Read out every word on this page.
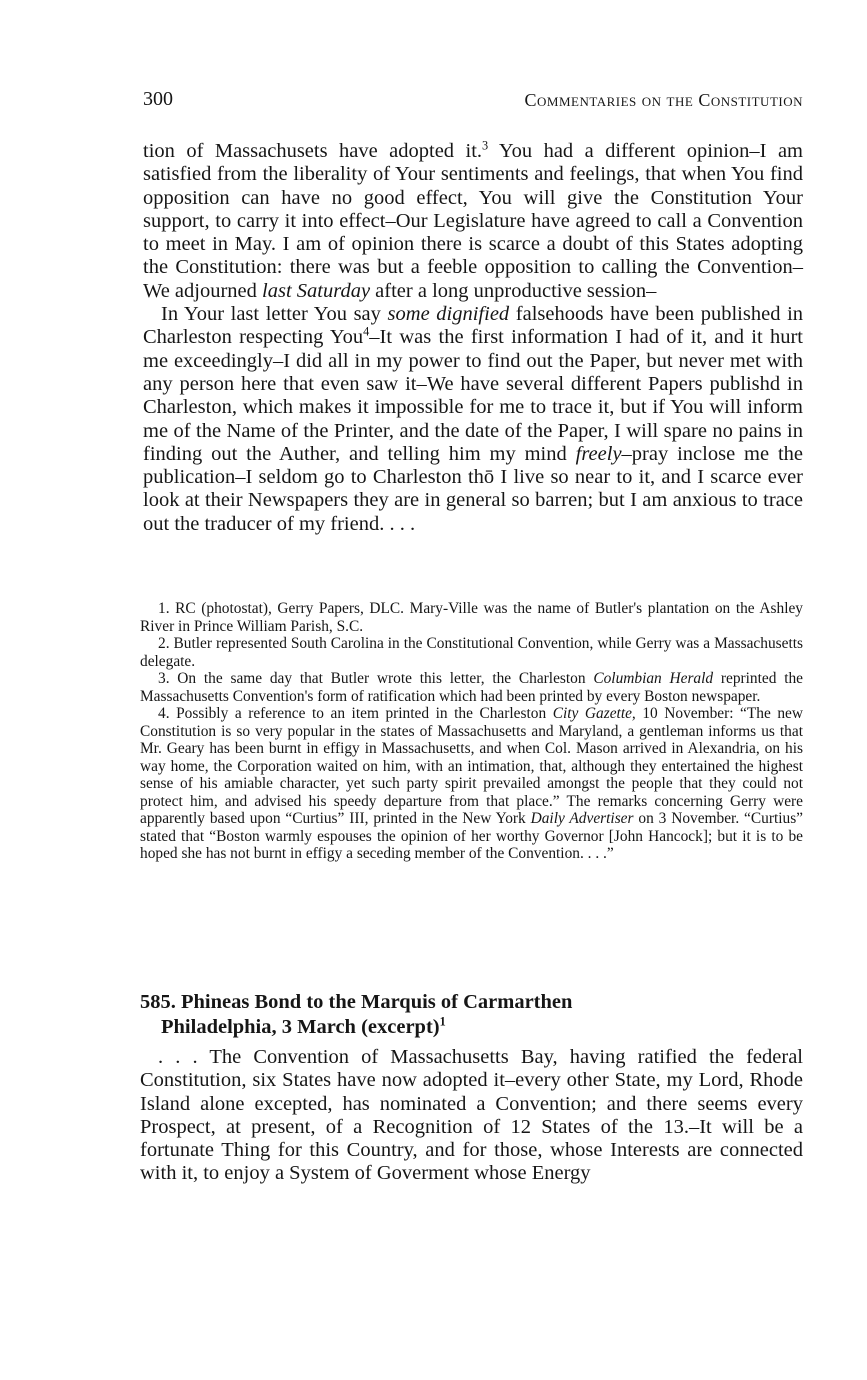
300	Commentaries on the Constitution

tion of Massachusets have adopted it.$^3$ You had a different opinion–I am satisfied from the liberality of Your sentiments and feelings, that when You find opposition can have no good effect, You will give the Constitution Your support, to carry it into effect–Our Legislature have agreed to call a Convention to meet in May. I am of opinion there is scarce a doubt of this States adopting the Constitution: there was but a feeble opposition to calling the Convention–We adjourned last Saturday after a long unproductive session–

In Your last letter You say some dignified falsehoods have been published in Charleston respecting You$^4$–It was the first information I had of it, and it hurt me exceedingly–I did all in my power to find out the Paper, but never met with any person here that even saw it–We have several different Papers publishd in Charleston, which makes it impossible for me to trace it, but if You will inform me of the Name of the Printer, and the date of the Paper, I will spare no pains in finding out the Auther, and telling him my mind freely–pray inclose me the publication–I seldom go to Charleston thō I live so near to it, and I scarce ever look at their Newspapers they are in general so barren; but I am anxious to trace out the traducer of my friend. . . .

1. RC (photostat), Gerry Papers, DLC. Mary-Ville was the name of Butler's plantation on the Ashley River in Prince William Parish, S.C.

2. Butler represented South Carolina in the Constitutional Convention, while Gerry was a Massachusetts delegate.

3. On the same day that Butler wrote this letter, the Charleston Columbian Herald reprinted the Massachusetts Convention's form of ratification which had been printed by every Boston newspaper.

4. Possibly a reference to an item printed in the Charleston City Gazette, 10 November: “The new Constitution is so very popular in the states of Massachusetts and Maryland, a gentleman informs us that Mr. Geary has been burnt in effigy in Massachusetts, and when Col. Mason arrived in Alexandria, on his way home, the Corporation waited on him, with an intimation, that, although they entertained the highest sense of his amiable character, yet such party spirit prevailed amongst the people that they could not protect him, and advised his speedy departure from that place.” The remarks concerning Gerry were apparently based upon “Curtius” III, printed in the New York Daily Advertiser on 3 November. “Curtius” stated that “Boston warmly espouses the opinion of her worthy Governor [John Hancock]; but it is to be hoped she has not burnt in effigy a seceding member of the Convention. . . .”

585. Phineas Bond to the Marquis of Carmarthen
Philadelphia, 3 March (excerpt)$^1$

. . . The Convention of Massachusetts Bay, having ratified the federal Constitution, six States have now adopted it–every other State, my Lord, Rhode Island alone excepted, has nominated a Convention; and there seems every Prospect, at present, of a Recognition of 12 States of the 13.–It will be a fortunate Thing for this Country, and for those, whose Interests are connected with it, to enjoy a System of Goverment whose Energy
